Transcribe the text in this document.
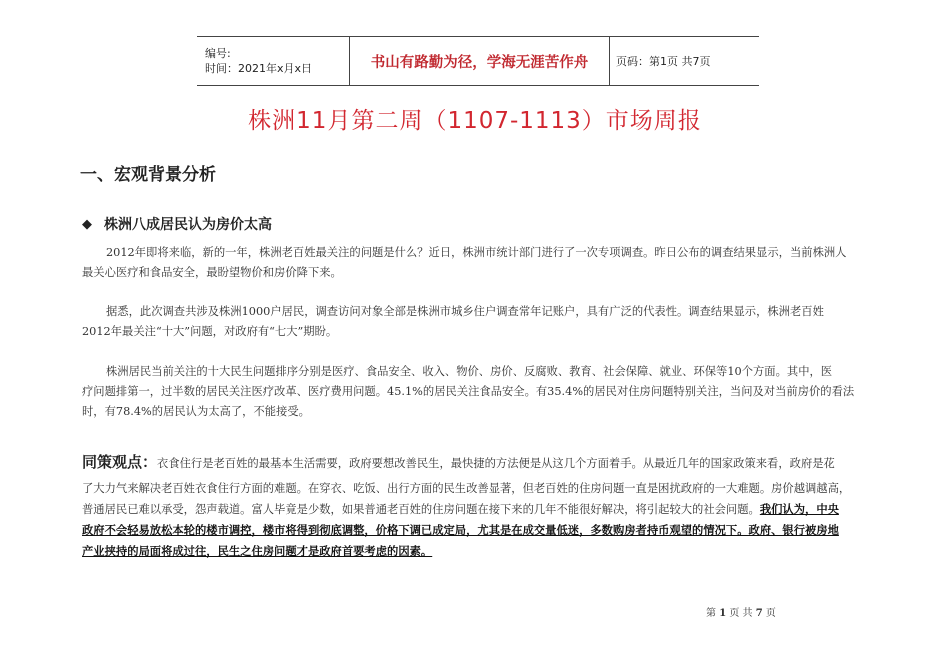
编号:
时间：2021年x月x日	书山有路勤为径，学海无涯苦作舟	页码：第1页 共7页
株洲11月第二周（1107-1113）市场周报
一、宏观背景分析
◆ 株洲八成居民认为房价太高

2012年即将来临，新的一年，株洲老百姓最关注的问题是什么？近日，株洲市统计部门进行了一次专项调查。昨日公布的调查结果显示，当前株洲人

最关心医疗和食品安全，最盼望物价和房价降下来。

据悉，此次调查共涉及株洲1000户居民，调查访问对象全部是株洲市城乡住户调查常年记账户，具有广泛的代表性。调查结果显示，株洲老百姓

2012年最关注“十大”问题，对政府有“七大”期盼。

株洲居民当前关注的十大民生问题排序分别是医疗、食品安全、收入、物价、房价、反腐败、教育、社会保障、就业、环保等10个方面。其中，医

疗问题排第一，过半数的居民关注医疗改革、医疗费用问题。45.1%的居民关注食品安全。有35.4%的居民对住房问题特别关注，当问及对当前房价的看法

时，有78.4%的居民认为太高了，不能接受。

同策观点：衣食住行是老百姓的最基本生活需要，政府要想改善民生，最快捷的方法便是从这几个方面着手。从最近几年的国家政策来看，政府是花
了大力气来解决老百姓衣食住行方面的难题。在穿衣、吃饭、出行方面的民生改善显著，但老百姓的住房问题一直是困扰政府的一大难题。房价越调越高，
普通居民已难以承受，怨声载道。富人毕竟是少数，如果普通老百姓的住房问题在接下来的几年不能很好解决，将引起较大的社会问题。我们认为，中央
政府不会轻易放松本轮的楼市调控，楼市将得到彻底调整，价格下调已成定局，尤其是在成交量低迷，多数购房者持币观望的情况下。政府、银行被房地
产业挟持的局面将成过往，民生之住房问题才是政府首要考虑的因素。
第 1 页 共 7 页
